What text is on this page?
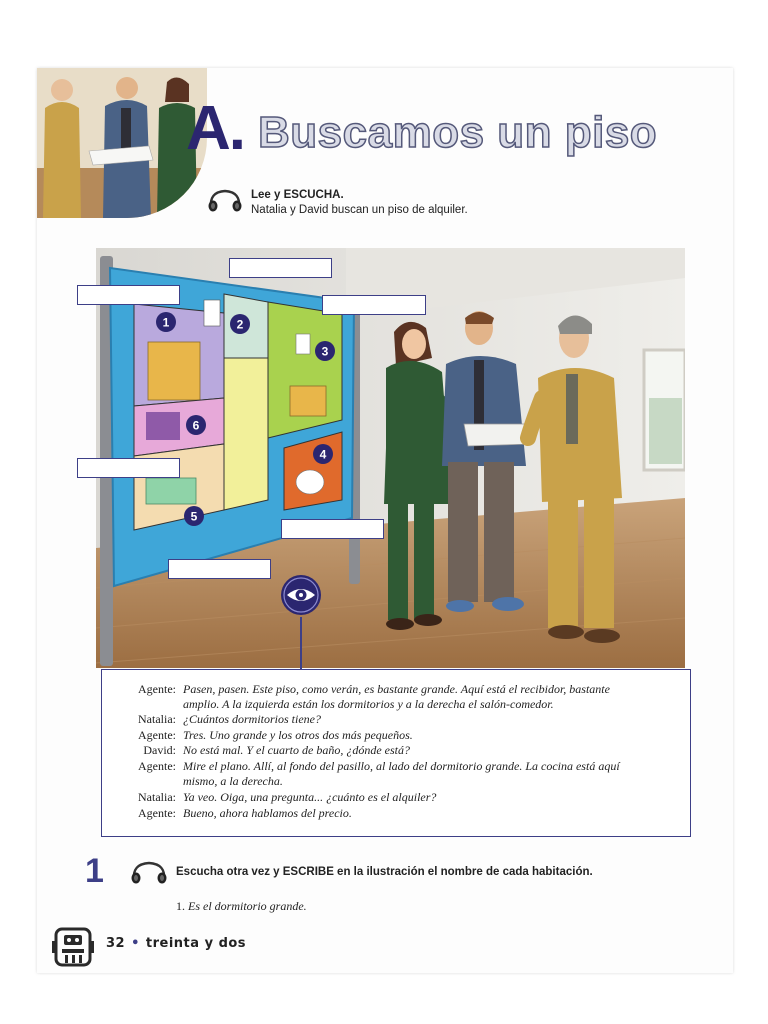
A. Buscamos un piso
Lee y ESCUCHA.
Natalia y David buscan un piso de alquiler.
1	2
3
4
5
6
Agente: Pasen, pasen. Este piso, como verán, es bastante grande. Aquí está el recibidor, bastante
amplio. A la izquierda están los dormitorios y a la derecha el salón-comedor.
Natalia: ¿Cuántos dormitorios tiene?
Agente: Tres. Uno grande y los otros dos más pequeños.
David: No está mal. Y el cuarto de baño, ¿dónde está?
Agente: Mire el plano. Allí, al fondo del pasillo, al lado del dormitorio grande. La cocina está aquí
mismo, a la derecha.
Natalia: Ya veo. Oiga, una pregunta... ¿cuánto es el alquiler?
Agente: Bueno, ahora hablamos del precio.
1	Escucha otra vez y ESCRIBE en la ilustración el nombre de cada habitación.
1. Es el dormitorio grande.
32 • treinta y dos
